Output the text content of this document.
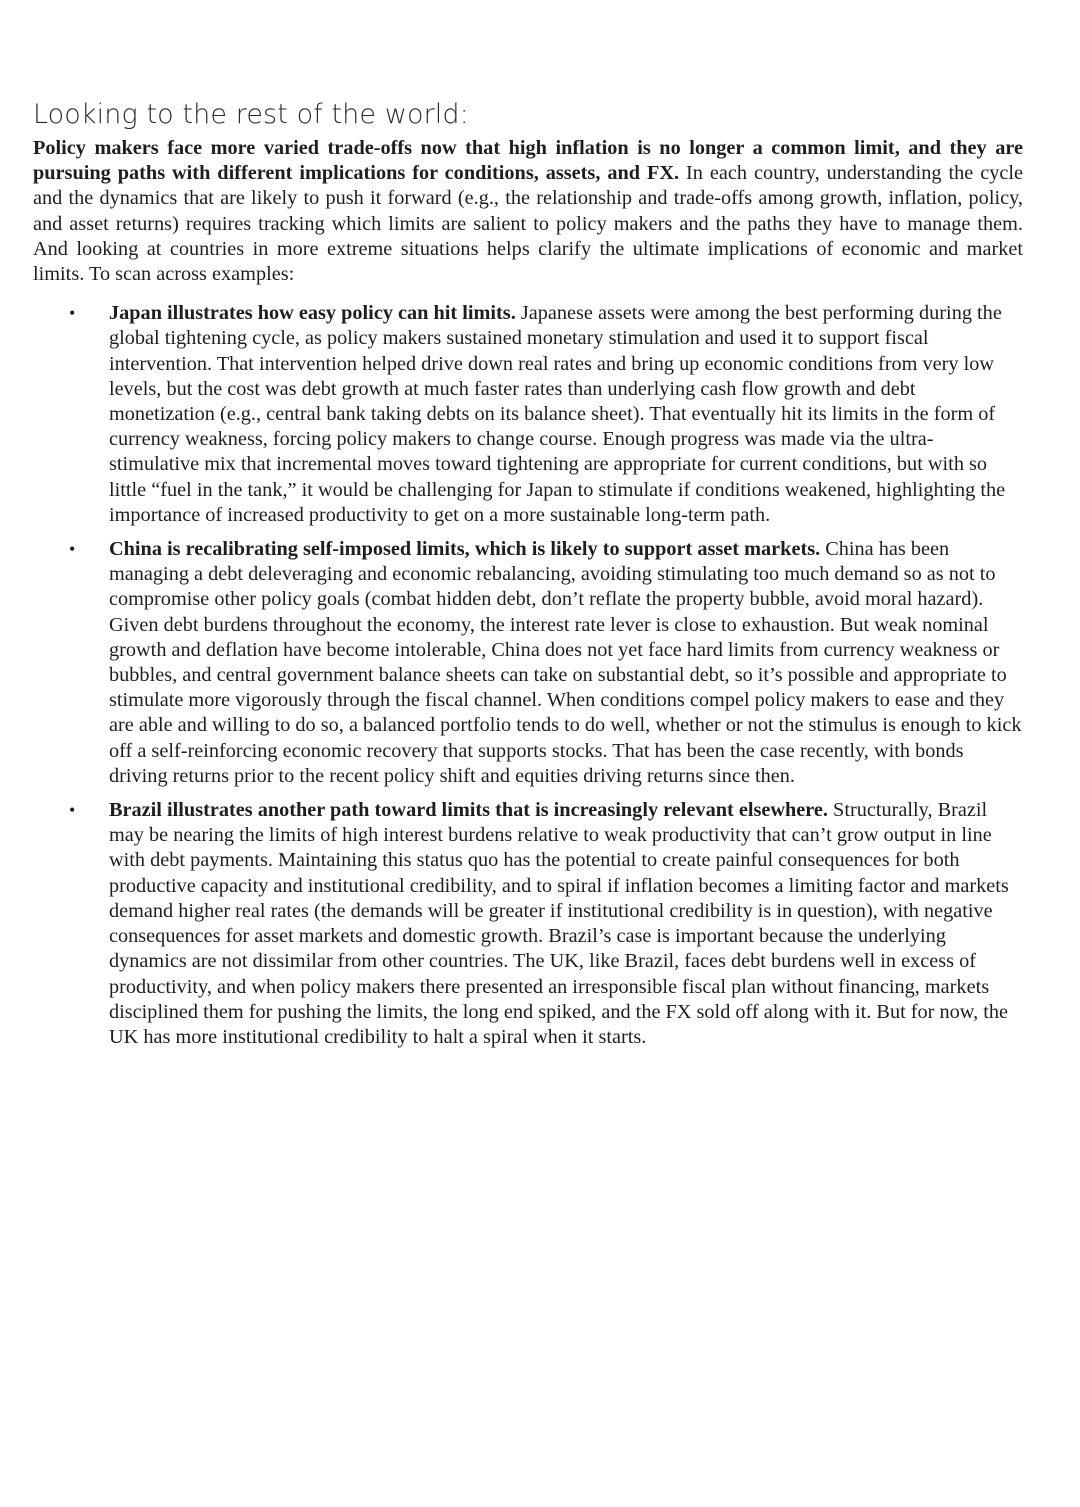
Looking to the rest of the world:

Policy makers face more varied trade-offs now that high inflation is no longer a common limit, and they are pursuing paths with different implications for conditions, assets, and FX. In each country, understanding the cycle and the dynamics that are likely to push it forward (e.g., the relationship and trade-offs among growth, inflation, policy, and asset returns) requires tracking which limits are salient to policy makers and the paths they have to manage them. And looking at countries in more extreme situations helps clarify the ultimate implications of economic and market limits. To scan across examples:

• Japan illustrates how easy policy can hit limits. Japanese assets were among the best performing during the global tightening cycle, as policy makers sustained monetary stimulation and used it to support fiscal intervention. That intervention helped drive down real rates and bring up economic conditions from very low levels, but the cost was debt growth at much faster rates than underlying cash flow growth and debt monetization (e.g., central bank taking debts on its balance sheet). That eventually hit its limits in the form of currency weakness, forcing policy makers to change course. Enough progress was made via the ultra-stimulative mix that incremental moves toward tightening are appropriate for current conditions, but with so little “fuel in the tank,” it would be challenging for Japan to stimulate if conditions weakened, highlighting the importance of increased productivity to get on a more sustainable long-term path.
• China is recalibrating self-imposed limits, which is likely to support asset markets. China has been managing a debt deleveraging and economic rebalancing, avoiding stimulating too much demand so as not to compromise other policy goals (combat hidden debt, don’t reflate the property bubble, avoid moral hazard). Given debt burdens throughout the economy, the interest rate lever is close to exhaustion. But weak nominal growth and deflation have become intolerable, China does not yet face hard limits from currency weakness or bubbles, and central government balance sheets can take on substantial debt, so it’s possible and appropriate to stimulate more vigorously through the fiscal channel. When conditions compel policy makers to ease and they are able and willing to do so, a balanced portfolio tends to do well, whether or not the stimulus is enough to kick off a self-reinforcing economic recovery that supports stocks. That has been the case recently, with bonds driving returns prior to the recent policy shift and equities driving returns since then.
• Brazil illustrates another path toward limits that is increasingly relevant elsewhere. Structurally, Brazil may be nearing the limits of high interest burdens relative to weak productivity that can’t grow output in line with debt payments. Maintaining this status quo has the potential to create painful consequences for both productive capacity and institutional credibility, and to spiral if inflation becomes a limiting factor and markets demand higher real rates (the demands will be greater if institutional credibility is in question), with negative consequences for asset markets and domestic growth. Brazil’s case is important because the underlying dynamics are not dissimilar from other countries. The UK, like Brazil, faces debt burdens well in excess of productivity, and when policy makers there presented an irresponsible fiscal plan without financing, markets disciplined them for pushing the limits, the long end spiked, and the FX sold off along with it. But for now, the UK has more institutional credibility to halt a spiral when it starts.
